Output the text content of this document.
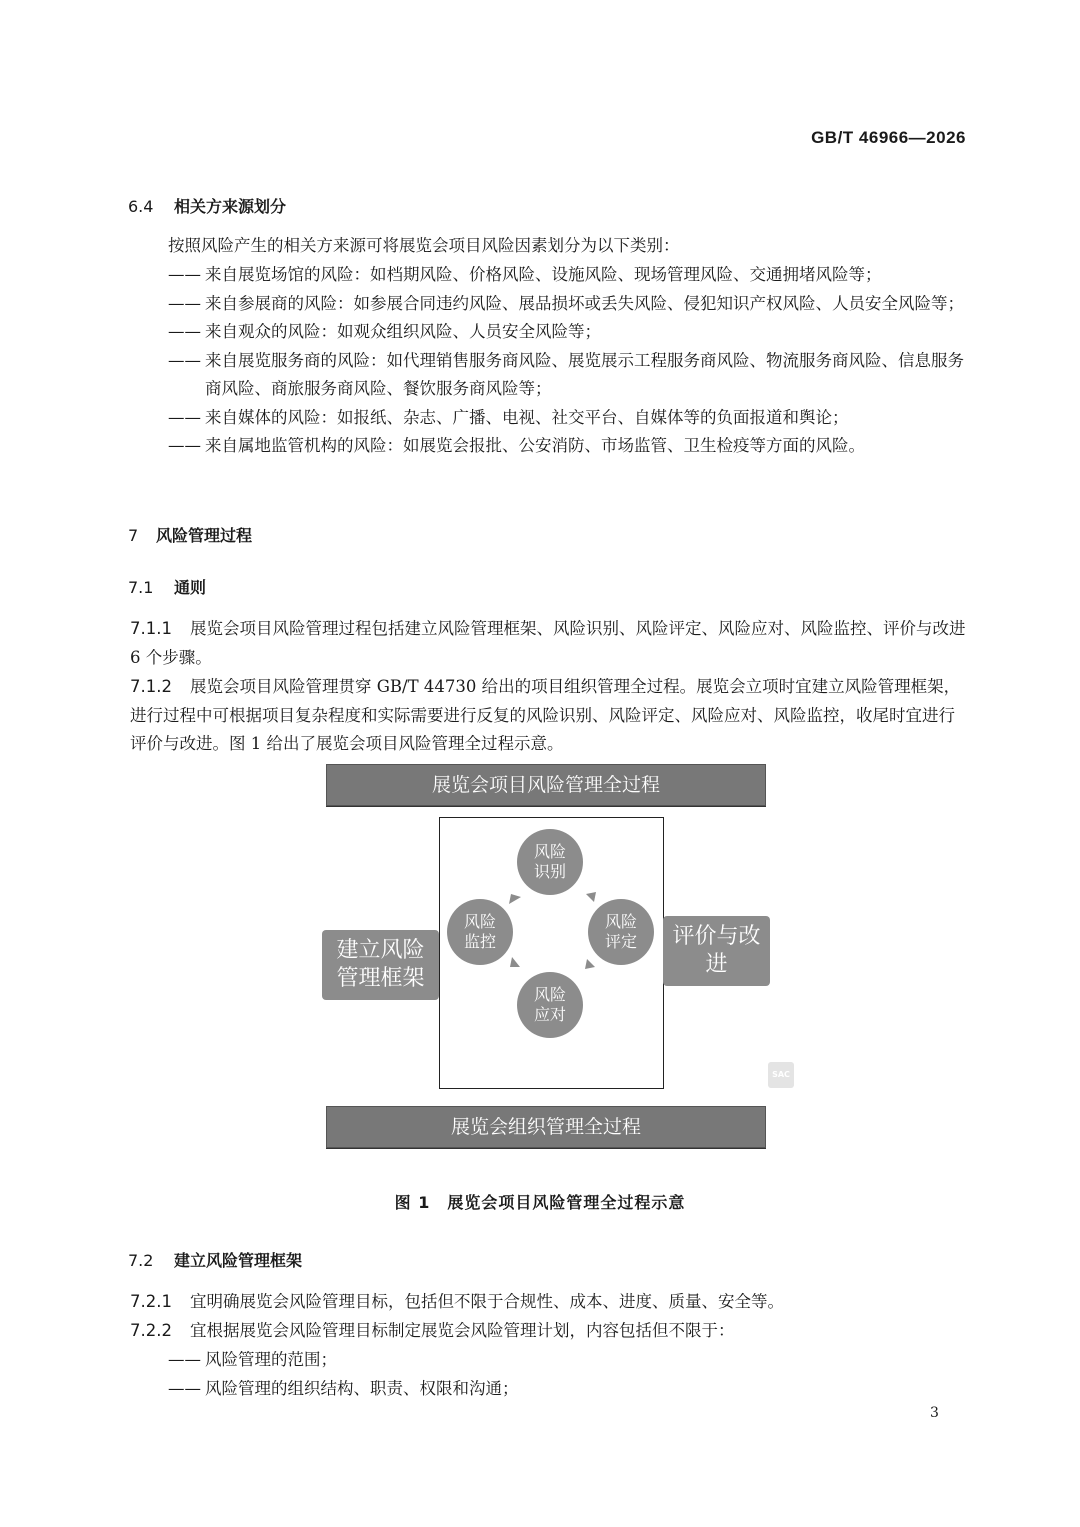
GB/T 46966—2026
6.4 相关方来源划分
按照风险产生的相关方来源可将展览会项目风险因素划分为以下类别：
—— 来自展览场馆的风险：如档期风险、价格风险、设施风险、现场管理风险、交通拥堵风险等；
—— 来自参展商的风险：如参展合同违约风险、展品损坏或丢失风险、侵犯知识产权风险、人员安全风险等；
—— 来自观众的风险：如观众组织风险、人员安全风险等；
—— 来自展览服务商的风险：如代理销售服务商风险、展览展示工程服务商风险、物流服务商风险、信息服务商风险、商旅服务商风险、餐饮服务商风险等；
—— 来自媒体的风险：如报纸、杂志、广播、电视、社交平台、自媒体等的负面报道和舆论；
—— 来自属地监管机构的风险：如展览会报批、公安消防、市场监管、卫生检疫等方面的风险。
7 风险管理过程
7.1 通则
7.1.1 展览会项目风险管理过程包括建立风险管理框架、风险识别、风险评定、风险应对、风险监控、评价与改进 6 个步骤。
7.1.2 展览会项目风险管理贯穿 GB/T 44730 给出的项目组织管理全过程。展览会立项时宜建立风险管理框架，进行过程中可根据项目复杂程度和实际需要进行反复的风险识别、风险评定、风险应对、风险监控，收尾时宜进行评价与改进。图 1 给出了展览会项目风险管理全过程示意。
展览会项目风险管理全过程
建立风险
管理框架
评价与改
进
风险
识别
风险
评定
风险
应对
风险
监控
SAC
展览会组织管理全过程
图 1　展览会项目风险管理全过程示意
7.2 建立风险管理框架
7.2.1 宜明确展览会风险管理目标，包括但不限于合规性、成本、进度、质量、安全等。
7.2.2 宜根据展览会风险管理目标制定展览会风险管理计划，内容包括但不限于：
—— 风险管理的范围；
—— 风险管理的组织结构、职责、权限和沟通；
3
